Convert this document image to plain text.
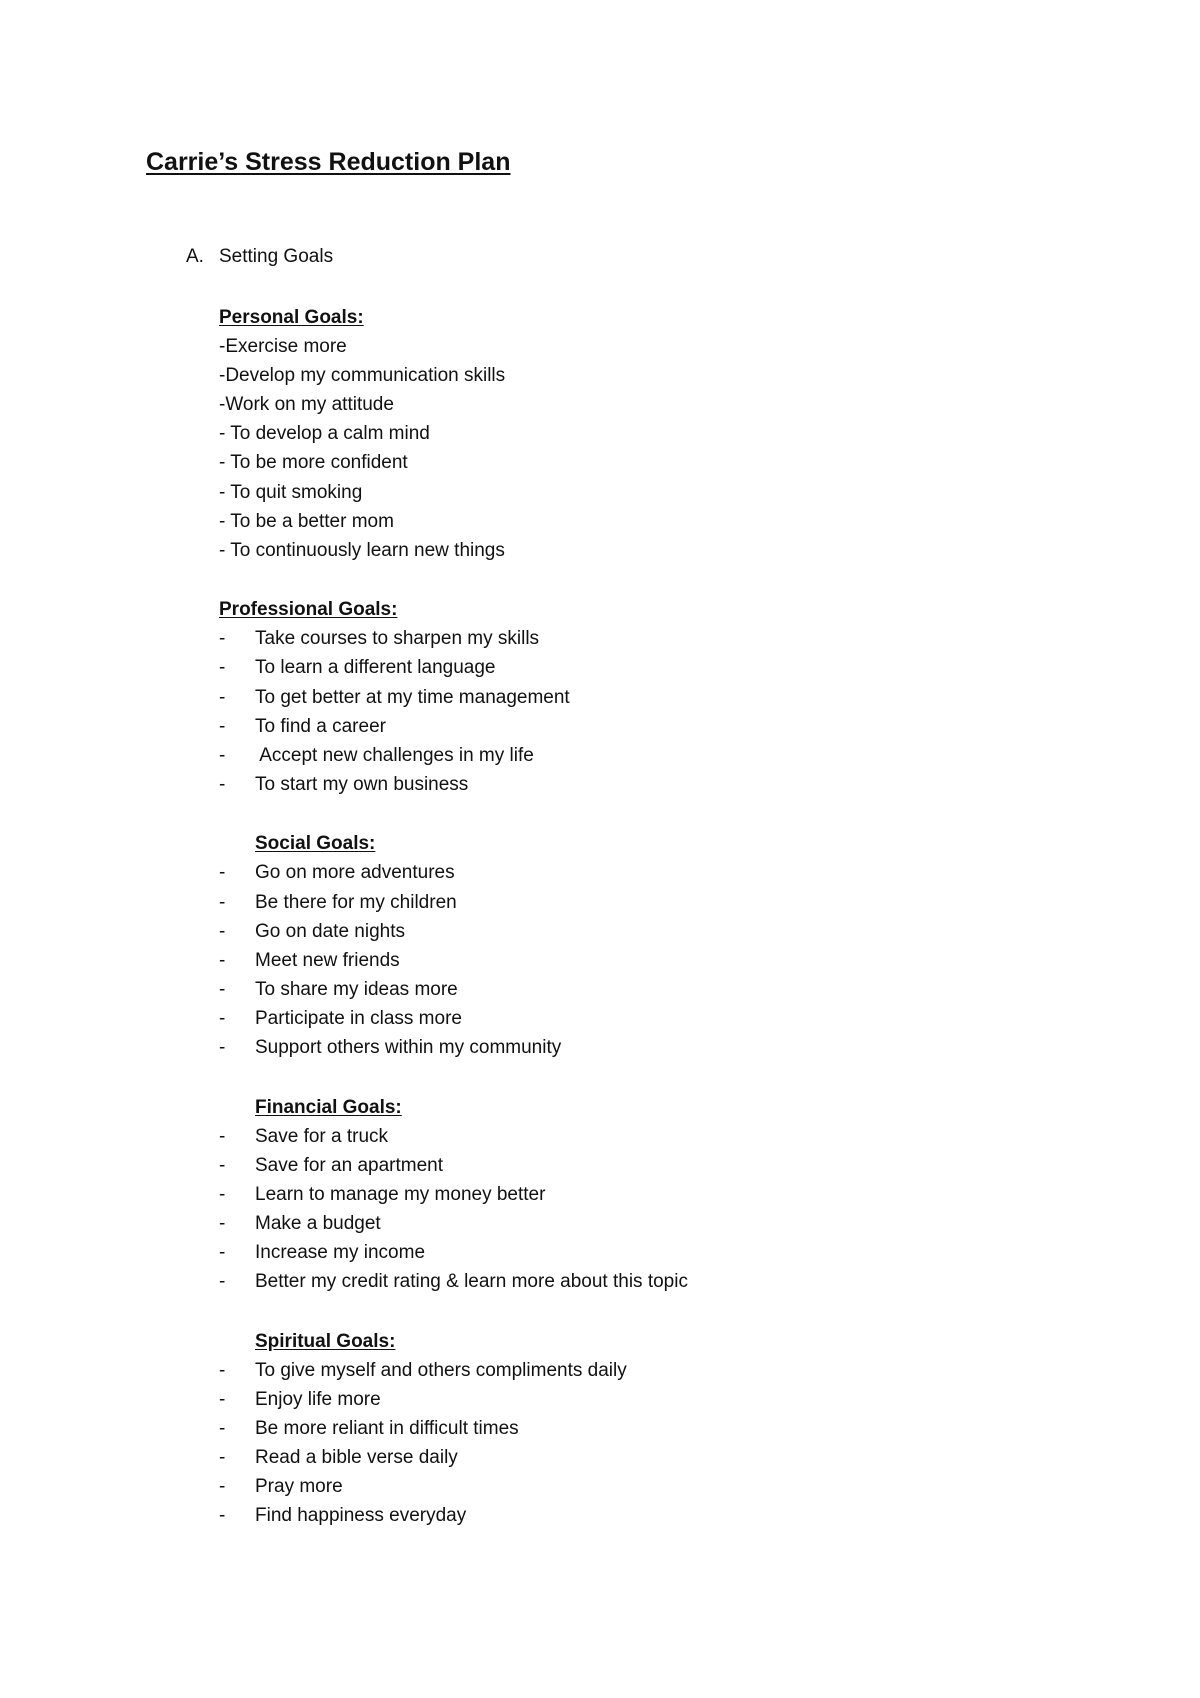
Carrie’s Stress Reduction Plan
A. Setting Goals
Personal Goals:
-Exercise more
-Develop my communication skills
-Work on my attitude
- To develop a calm mind
- To be more confident
- To quit smoking
- To be a better mom
- To continuously learn new things
Professional Goals:
- Take courses to sharpen my skills
- To learn a different language
- To get better at my time management
- To find a career
- Accept new challenges in my life
- To start my own business
Social Goals:
- Go on more adventures
- Be there for my children
- Go on date nights
- Meet new friends
- To share my ideas more
- Participate in class more
- Support others within my community
Financial Goals:
- Save for a truck
- Save for an apartment
- Learn to manage my money better
- Make a budget
- Increase my income
- Better my credit rating & learn more about this topic
Spiritual Goals:
- To give myself and others compliments daily
- Enjoy life more
- Be more reliant in difficult times
- Read a bible verse daily
- Pray more
- Find happiness everyday
